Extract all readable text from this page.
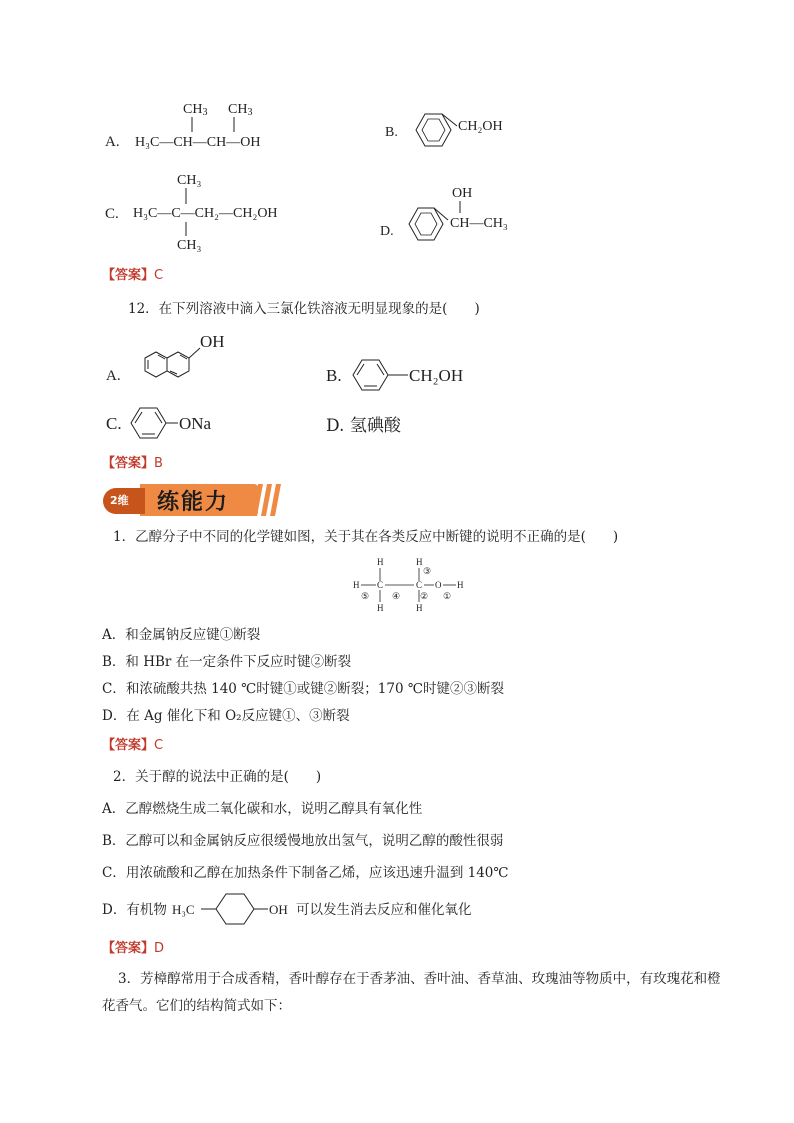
A.
CH3 CH3
H₃C—CH—CH—OH
B.	CH₂OH
C.
CH₃
H₃C—C—CH₂—CH₂OH
CH₃
D.
OH
CH—CH₃
【答案】C
12．在下列溶液中滴入三氯化铁溶液无明显现象的是(　　)
A.
OH
B.	CH₂OH
C.	ONa	D. 氢碘酸
【答案】B
2维 练能力
1．乙醇分子中不同的化学键如图，关于其在各类反应中断键的说明不正确的是(　　)
H C
H
H
⑤	④
C
H
③
H
②
O
①
H
A．和金属钠反应键①断裂
B．和 HBr 在一定条件下反应时键②断裂
C．和浓硫酸共热 140 ℃时键①或键②断裂；170 ℃时键②③断裂
D．在 Ag 催化下和 O₂反应键①、③断裂
【答案】C
2．关于醇的说法中正确的是(　　)
A．乙醇燃烧生成二氧化碳和水，说明乙醇具有氧化性
B．乙醇可以和金属钠反应很缓慢地放出氢气，说明乙醇的酸性很弱
C．用浓硫酸和乙醇在加热条件下制备乙烯，应该迅速升温到 140℃
D．有机物 H₃C	OH 可以发生消去反应和催化氧化
【答案】D
3．芳樟醇常用于合成香精，香叶醇存在于香茅油、香叶油、香草油、玫瑰油等物质中，有玫瑰花和橙
花香气。它们的结构简式如下：
